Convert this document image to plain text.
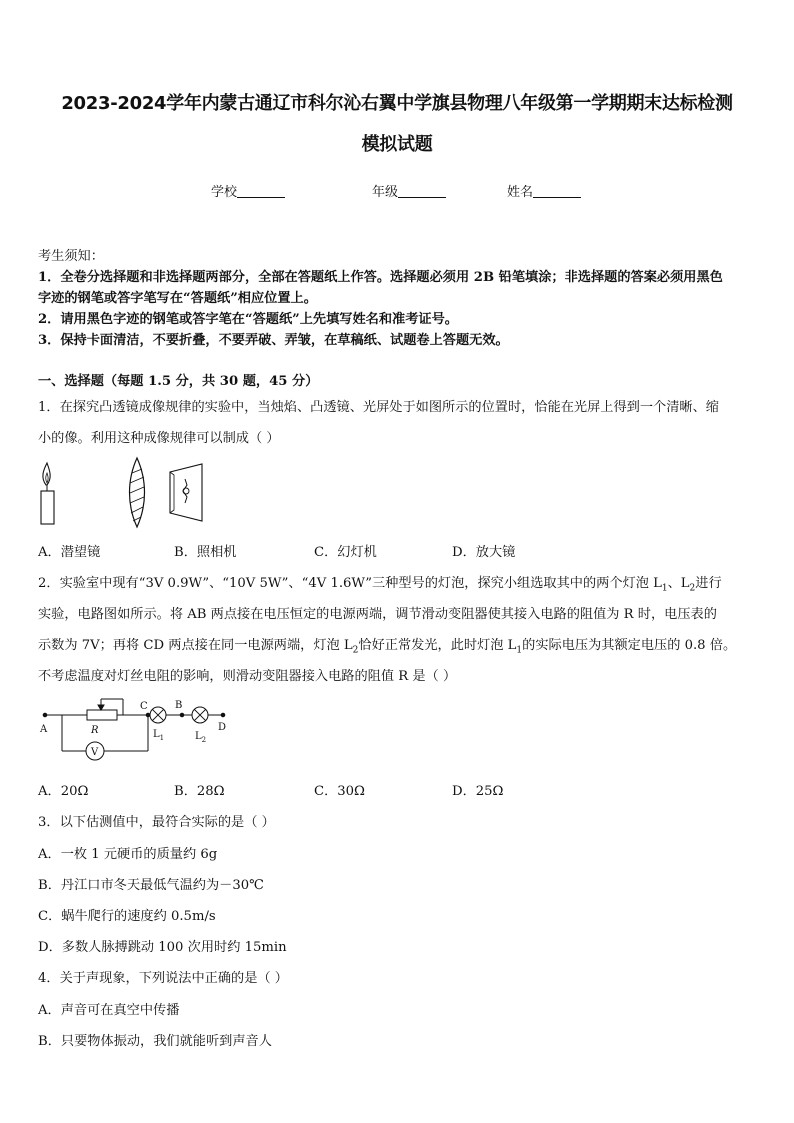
2023-2024学年内蒙古通辽市科尔沁右翼中学旗县物理八年级第一学期期末达标检测
模拟试题
学校	年级	姓名
考生须知：
1．全卷分选择题和非选择题两部分，全部在答题纸上作答。选择题必须用 2B 铅笔填涂；非选择题的答案必须用黑色
字迹的钢笔或答字笔写在“答题纸”相应位置上。
2．请用黑色字迹的钢笔或答字笔在“答题纸”上先填写姓名和准考证号。
3．保持卡面清洁，不要折叠，不要弄破、弄皱，在草稿纸、试题卷上答题无效。
一、选择题（每题 1.5 分，共 30 题，45 分）
1．在探究凸透镜成像规律的实验中，当烛焰、凸透镜、光屏处于如图所示的位置时，恰能在光屏上得到一个清晰、缩
小的像。利用这种成像规律可以制成（ ）
A．潜望镜	B．照相机	C．幻灯机	D．放大镜
2．实验室中现有“3V 0.9W”、“10V 5W”、“4V 1.6W”三种型号的灯泡，探究小组选取其中的两个灯泡 $L_1$、$L_2$进行
实验，电路图如所示。将 AB 两点接在电压恒定的电源两端，调节滑动变阻器使其接入电路的阻值为 R 时，电压表的
示数为 7V；再将 CD 两点接在同一电源两端，灯泡 $L_2$恰好正常发光，此时灯泡 $L_1$的实际电压为其额定电压的 0.8 倍。
不考虑温度对灯丝电阻的影响，则滑动变阻器接入电路的阻值 R 是（ ）
A	R
V
C	B
D
$L_1$	$L_2$
A．20Ω	B．28Ω	C．30Ω	D．25Ω
3．以下估测值中，最符合实际的是（ ）
A．一枚 1 元硬币的质量约 6g
B．丹江口市冬天最低气温约为－30℃
C．蜗牛爬行的速度约 0.5m/s
D．多数人脉搏跳动 100 次用时约 15min
4．关于声现象，下列说法中正确的是（ ）
A．声音可在真空中传播
B．只要物体振动，我们就能听到声音人
